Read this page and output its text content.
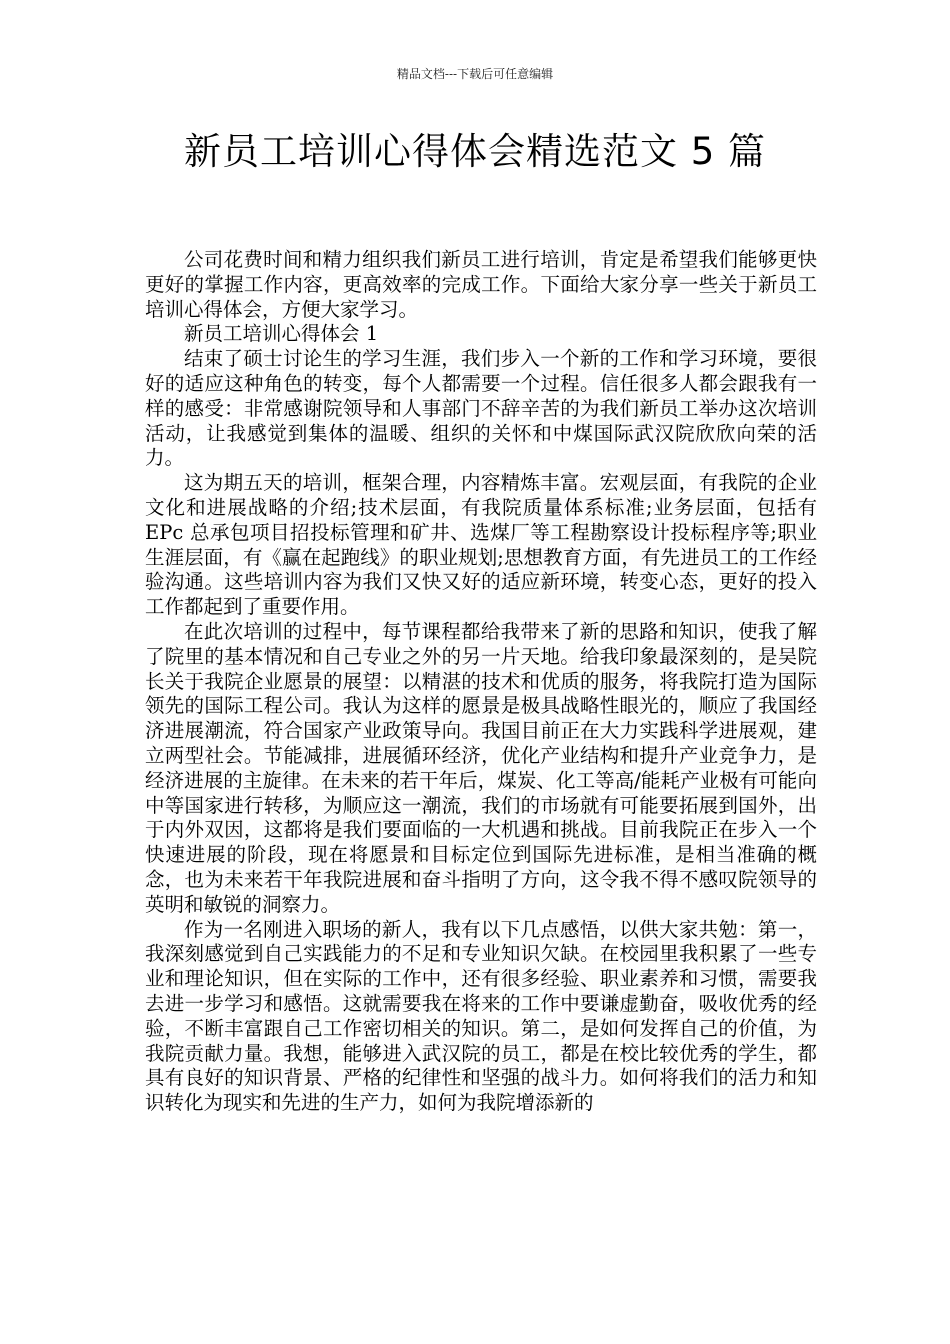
精品文档---下载后可任意编辑
新员工培训心得体会精选范文 5 篇

公司花费时间和精力组织我们新员工进行培训，肯定是希望我们能够更快更好的掌握工作内容，更高效率的完成工作。下面给大家分享一些关于新员工培训心得体会，方便大家学习。

新员工培训心得体会 1

结束了硕士讨论生的学习生涯，我们步入一个新的工作和学习环境，要很好的适应这种角色的转变，每个人都需要一个过程。信任很多人都会跟我有一样的感受：非常感谢院领导和人事部门不辞辛苦的为我们新员工举办这次培训活动，让我感觉到集体的温暖、组织的关怀和中煤国际武汉院欣欣向荣的活力。

这为期五天的培训，框架合理，内容精炼丰富。宏观层面，有我院的企业文化和进展战略的介绍;技术层面，有我院质量体系标准;业务层面，包括有 EPc 总承包项目招投标管理和矿井、选煤厂等工程勘察设计投标程序等;职业生涯层面，有《赢在起跑线》的职业规划;思想教育方面，有先进员工的工作经验沟通。这些培训内容为我们又快又好的适应新环境，转变心态，更好的投入工作都起到了重要作用。

在此次培训的过程中，每节课程都给我带来了新的思路和知识，使我了解了院里的基本情况和自己专业之外的另一片天地。给我印象最深刻的，是吴院长关于我院企业愿景的展望：以精湛的技术和优质的服务，将我院打造为国际领先的国际工程公司。我认为这样的愿景是极具战略性眼光的，顺应了我国经济进展潮流，符合国家产业政策导向。我国目前正在大力实践科学进展观，建立两型社会。节能减排，进展循环经济，优化产业结构和提升产业竞争力，是经济进展的主旋律。在未来的若干年后，煤炭、化工等高/能耗产业极有可能向中等国家进行转移，为顺应这一潮流，我们的市场就有可能要拓展到国外，出于内外双因，这都将是我们要面临的一大机遇和挑战。目前我院正在步入一个快速进展的阶段，现在将愿景和目标定位到国际先进标准，是相当准确的概念，也为未来若干年我院进展和奋斗指明了方向，这令我不得不感叹院领导的英明和敏锐的洞察力。

作为一名刚进入职场的新人，我有以下几点感悟，以供大家共勉：第一，我深刻感觉到自己实践能力的不足和专业知识欠缺。在校园里我积累了一些专业和理论知识，但在实际的工作中，还有很多经验、职业素养和习惯，需要我去进一步学习和感悟。这就需要我在将来的工作中要谦虚勤奋，吸收优秀的经验，不断丰富跟自己工作密切相关的知识。第二，是如何发挥自己的价值，为我院贡献力量。我想，能够进入武汉院的员工，都是在校比较优秀的学生，都具有良好的知识背景、严格的纪律性和坚强的战斗力。如何将我们的活力和知识转化为现实和先进的生产力，如何为我院增添新的
